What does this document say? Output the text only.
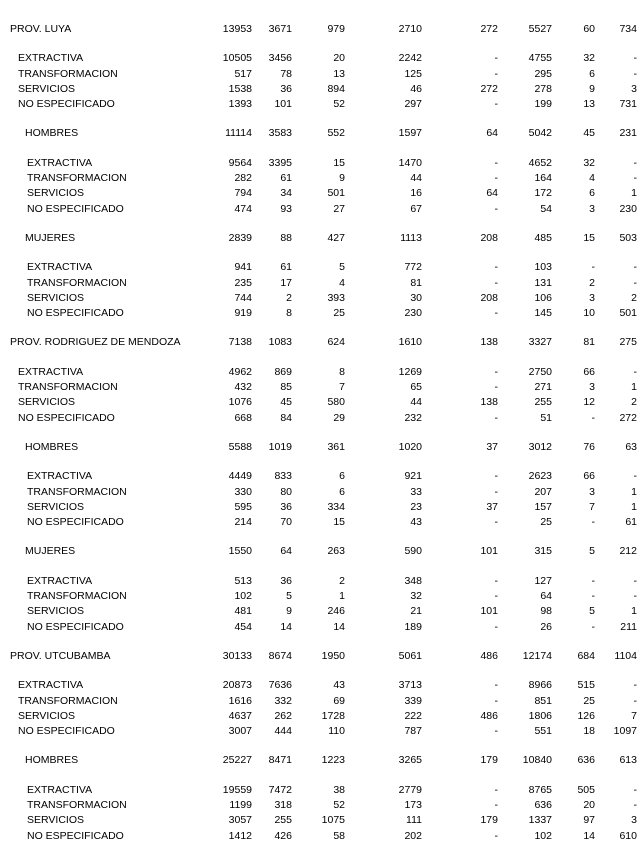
PROV. LUYA	13953	3671	979	2710	272	5527	60	734
EXTRACTIVA	10505	3456	20	2242	-	4755	32	-
TRANSFORMACION	517	78	13	125	-	295	6	-
SERVICIOS	1538	36	894	46	272	278	9	3
NO ESPECIFICADO	1393	101	52	297	-	199	13	731
HOMBRES	11114	3583	552	1597	64	5042	45	231
EXTRACTIVA	9564	3395	15	1470	-	4652	32	-
TRANSFORMACION	282	61	9	44	-	164	4	-
SERVICIOS	794	34	501	16	64	172	6	1
NO ESPECIFICADO	474	93	27	67	-	54	3	230
MUJERES	2839	88	427	1113	208	485	15	503
EXTRACTIVA	941	61	5	772	-	103	-	-
TRANSFORMACION	235	17	4	81	-	131	2	-
SERVICIOS	744	2	393	30	208	106	3	2
NO ESPECIFICADO	919	8	25	230	-	145	10	501
PROV. RODRIGUEZ DE MENDOZA	7138	1083	624	1610	138	3327	81	275
EXTRACTIVA	4962	869	8	1269	-	2750	66	-
TRANSFORMACION	432	85	7	65	-	271	3	1
SERVICIOS	1076	45	580	44	138	255	12	2
NO ESPECIFICADO	668	84	29	232	-	51	-	272
HOMBRES	5588	1019	361	1020	37	3012	76	63
EXTRACTIVA	4449	833	6	921	-	2623	66	-
TRANSFORMACION	330	80	6	33	-	207	3	1
SERVICIOS	595	36	334	23	37	157	7	1
NO ESPECIFICADO	214	70	15	43	-	25	-	61
MUJERES	1550	64	263	590	101	315	5	212
EXTRACTIVA	513	36	2	348	-	127	-	-
TRANSFORMACION	102	5	1	32	-	64	-	-
SERVICIOS	481	9	246	21	101	98	5	1
NO ESPECIFICADO	454	14	14	189	-	26	-	211
PROV. UTCUBAMBA	30133	8674	1950	5061	486	12174	684	1104
EXTRACTIVA	20873	7636	43	3713	-	8966	515	-
TRANSFORMACION	1616	332	69	339	-	851	25	-
SERVICIOS	4637	262	1728	222	486	1806	126	7
NO ESPECIFICADO	3007	444	110	787	-	551	18	1097
HOMBRES	25227	8471	1223	3265	179	10840	636	613
EXTRACTIVA	19559	7472	38	2779	-	8765	505	-
TRANSFORMACION	1199	318	52	173	-	636	20	-
SERVICIOS	3057	255	1075	111	179	1337	97	3
NO ESPECIFICADO	1412	426	58	202	-	102	14	610
